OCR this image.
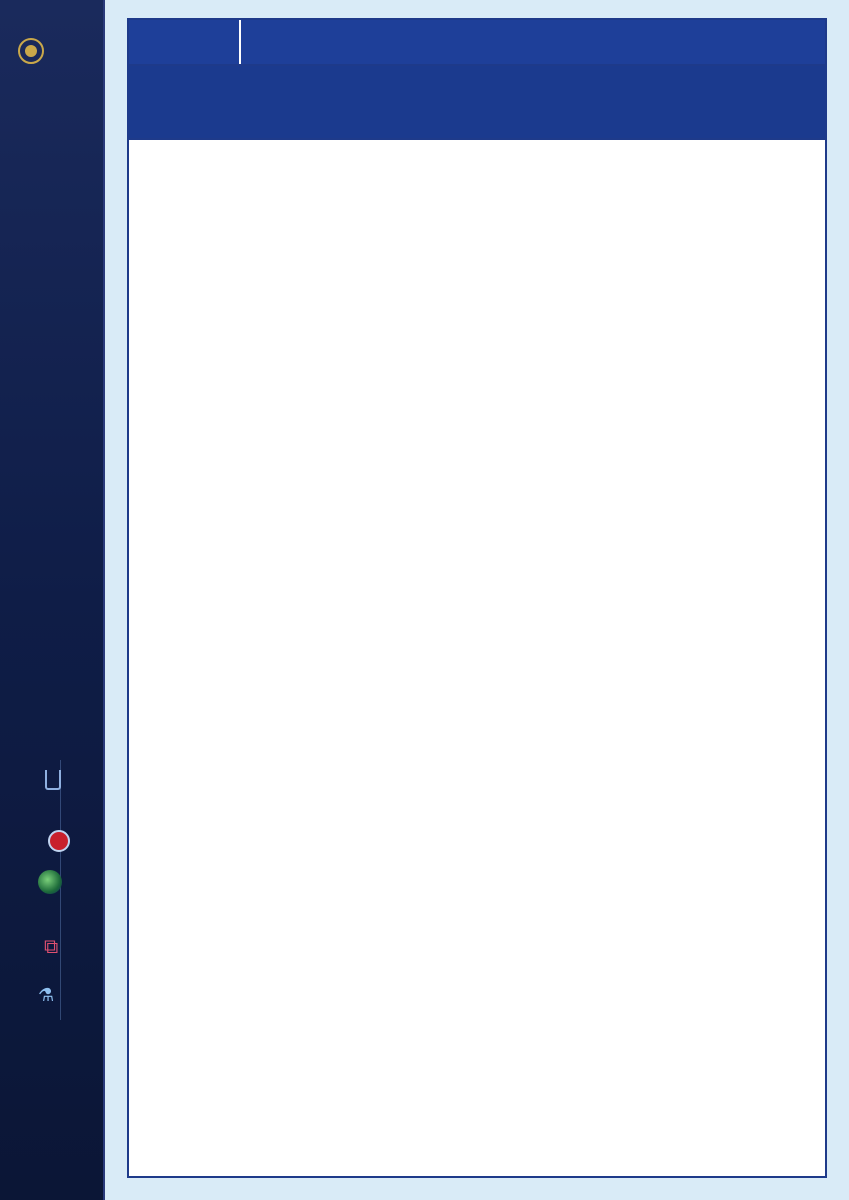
⧉
⚗
